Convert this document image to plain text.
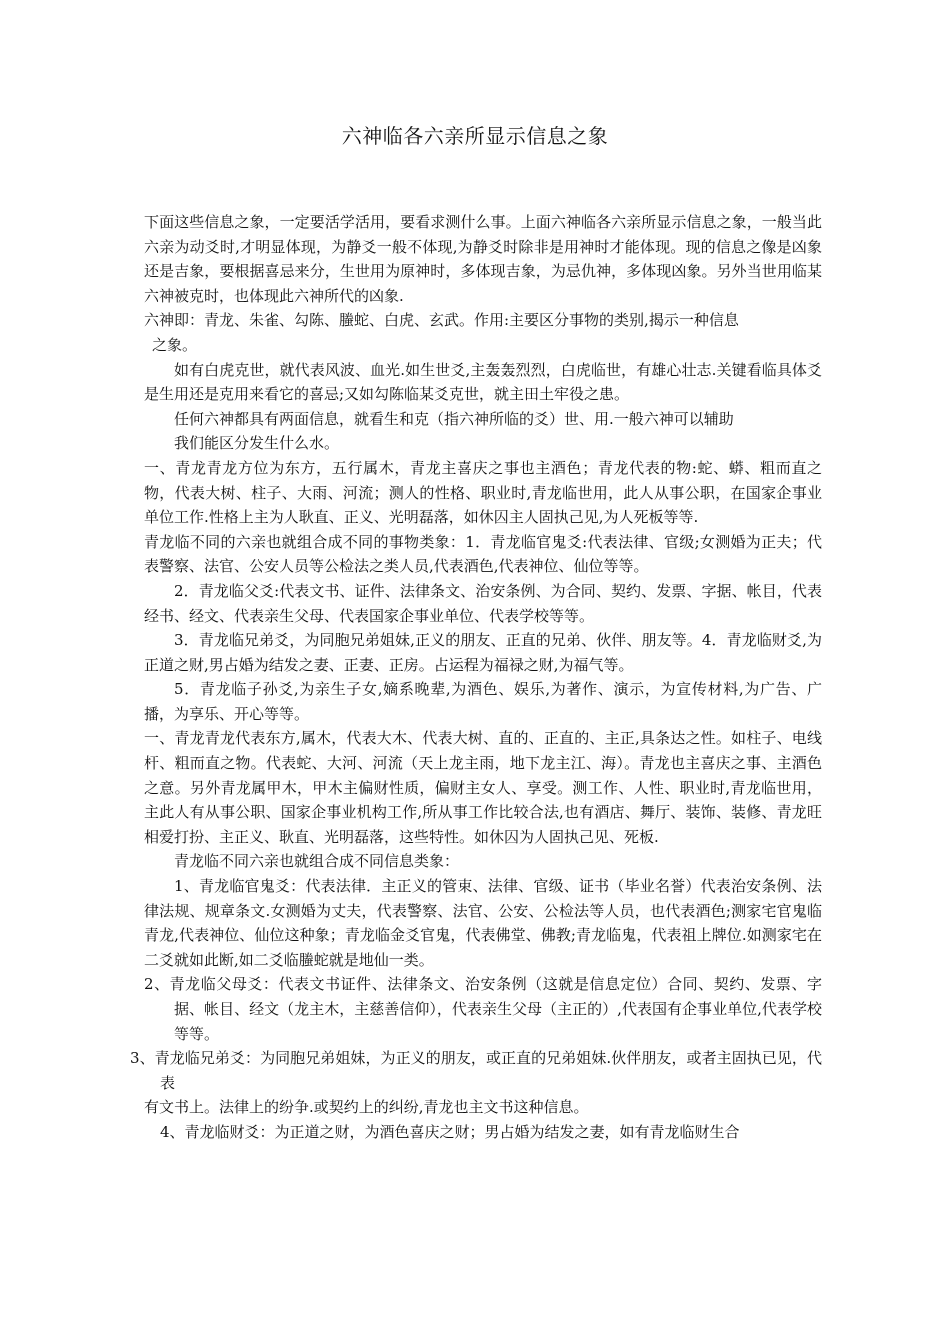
六神临各六亲所显示信息之象

下面这些信息之象，一定要活学活用，要看求测什么事。上面六神临各六亲所显示信息之象，一般当此六亲为动爻时,才明显体现，为静爻一般不体现,为静爻时除非是用神时才能体现。现的信息之像是凶象还是吉象，要根据喜忌来分，生世用为原神时，多体现吉象，为忌仇神，多体现凶象。另外当世用临某六神被克时，也体现此六神所代的凶象.

六神即：青龙、朱雀、勾陈、螣蛇、白虎、玄武。作用:主要区分事物的类别,揭示一种信息

之象。

如有白虎克世，就代表风波、血光.如生世爻,主轰轰烈烈，白虎临世，有雄心壮志.关键看临具体爻是生用还是克用来看它的喜忌;又如勾陈临某爻克世，就主田土牢役之患。

任何六神都具有两面信息，就看生和克（指六神所临的爻）世、用.一般六神可以辅助

我们能区分发生什么水。

一、青龙青龙方位为东方，五行属木，青龙主喜庆之事也主酒色；青龙代表的物:蛇、蟒、粗而直之物，代表大树、柱子、大雨、河流；测人的性格、职业时,青龙临世用，此人从事公职，在国家企事业单位工作.性格上主为人耿直、正义、光明磊落，如休囚主人固执己见,为人死板等等.

青龙临不同的六亲也就组合成不同的事物类象：1．青龙临官鬼爻:代表法律、官级;女测婚为正夫；代表警察、法官、公安人员等公检法之类人员,代表酒色,代表神位、仙位等等。

2．青龙临父爻:代表文书、证件、法律条文、治安条例、为合同、契约、发票、字据、帐目，代表经书、经文、代表亲生父母、代表国家企事业单位、代表学校等等。

3．青龙临兄弟爻，为同胞兄弟姐妹,正义的朋友、正直的兄弟、伙伴、朋友等。4．青龙临财爻,为正道之财,男占婚为结发之妻、正妻、正房。占运程为福禄之财,为福气等。

5．青龙临子孙爻,为亲生子女,嫡系晚辈,为酒色、娱乐,为著作、演示，为宣传材料,为广告、广播，为享乐、开心等等。

一、青龙青龙代表东方,属木，代表大木、代表大树、直的、正直的、主正,具条达之性。如柱子、电线杆、粗而直之物。代表蛇、大河、河流（天上龙主雨，地下龙主江、海）。青龙也主喜庆之事、主酒色之意。另外青龙属甲木，甲木主偏财性质，偏财主女人、享受。测工作、人性、职业时,青龙临世用，主此人有从事公职、国家企事业机构工作,所从事工作比较合法,也有酒店、舞厅、装饰、装修、青龙旺相爱打扮、主正义、耿直、光明磊落，这些特性。如休囚为人固执己见、死板.

青龙临不同六亲也就组合成不同信息类象：

1、青龙临官鬼爻：代表法律．主正义的管束、法律、官级、证书（毕业名誉）代表治安条例、法律法规、规章条文.女测婚为丈夫，代表警察、法官、公安、公检法等人员，也代表酒色;测家宅官鬼临青龙,代表神位、仙位这种象；青龙临金爻官鬼，代表佛堂、佛教;青龙临鬼，代表祖上牌位.如测家宅在二爻就如此断,如二爻临螣蛇就是地仙一类。

2、青龙临父母爻：代表文书证件、法律条文、治安条例（这就是信息定位）合同、契约、发票、字据、帐目、经文（龙主木，主慈善信仰），代表亲生父母（主正的）,代表国有企事业单位,代表学校等等。

3、青龙临兄弟爻：为同胞兄弟姐妹，为正义的朋友，或正直的兄弟姐妹.伙伴朋友，或者主固执已见，代表

有文书上。法律上的纷争.或契约上的纠纷,青龙也主文书这种信息。

4、青龙临财爻：为正道之财，为酒色喜庆之财；男占婚为结发之妻，如有青龙临财生合
